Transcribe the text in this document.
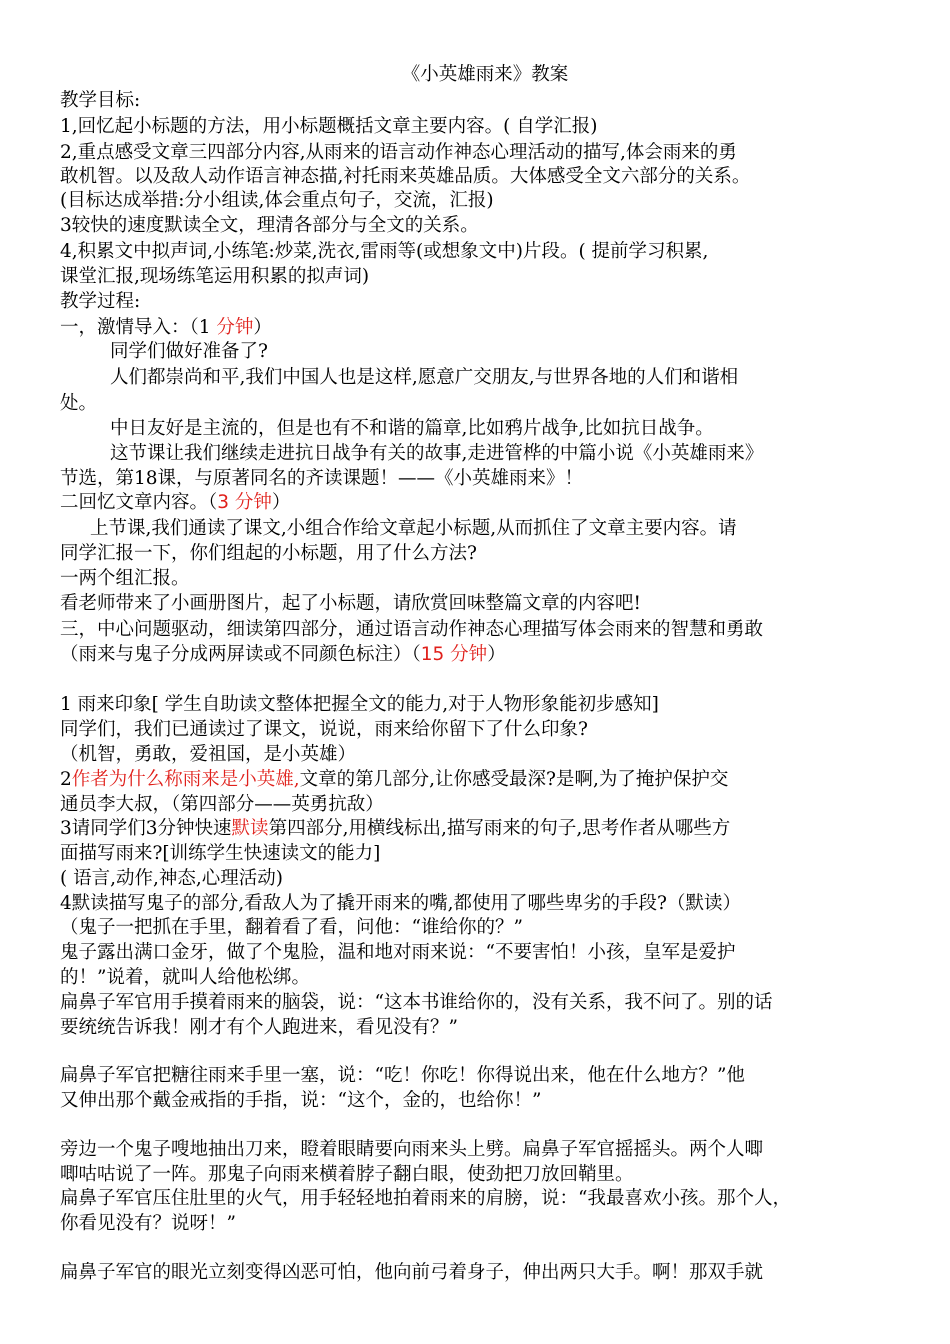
《小英雄雨来》教案
教学目标:
1,回忆起小标题的方法，用小标题概括文章主要内容。( 自学汇报)
2,重点感受文章三四部分内容,从雨来的语言动作神态心理活动的描写,体会雨来的勇
敢机智。以及敌人动作语言神态描,衬托雨来英雄品质。大体感受全文六部分的关系。
(目标达成举措:分小组读,体会重点句子，交流，汇报)
3较快的速度默读全文，理清各部分与全文的关系。
4,积累文中拟声词,小练笔:炒菜,洗衣,雷雨等(或想象文中)片段。( 提前学习积累,
课堂汇报,现场练笔运用积累的拟声词)
教学过程:
一，激情导入：（1 分钟）
同学们做好准备了?
人们都崇尚和平,我们中国人也是这样,愿意广交朋友,与世界各地的人们和谐相
处。
中日友好是主流的，但是也有不和谐的篇章,比如鸦片战争,比如抗日战争。
这节课让我们继续走进抗日战争有关的故事,走进管桦的中篇小说《小英雄雨来》
节选，第18课，与原著同名的齐读课题！——《小英雄雨来》！
二回忆文章内容。（3 分钟）
上节课,我们通读了课文,小组合作给文章起小标题,从而抓住了文章主要内容。请
同学汇报一下，你们组起的小标题，用了什么方法?
一两个组汇报。
看老师带来了小画册图片，起了小标题，请欣赏回味整篇文章的内容吧!
三，中心问题驱动，细读第四部分，通过语言动作神态心理描写体会雨来的智慧和勇敢
（雨来与鬼子分成两屏读或不同颜色标注）（15 分钟）
1 雨来印象[ 学生自助读文整体把握全文的能力,对于人物形象能初步感知]
同学们，我们已通读过了课文，说说，雨来给你留下了什么印象?
（机智，勇敢，爱祖国，是小英雄）
2作者为什么称雨来是小英雄,文章的第几部分,让你感受最深?是啊,为了掩护保护交
通员李大叔，（第四部分——英勇抗敌）
3请同学们3分钟快速默读第四部分,用横线标出,描写雨来的句子,思考作者从哪些方
面描写雨来?[训练学生快速读文的能力]
( 语言,动作,神态,心理活动)
4默读描写鬼子的部分,看敌人为了撬开雨来的嘴,都使用了哪些卑劣的手段?（默读）
（鬼子一把抓在手里，翻着看了看，问他：“谁给你的？”
鬼子露出满口金牙，做了个鬼脸，温和地对雨来说：“不要害怕！小孩，皇军是爱护
的！”说着，就叫人给他松绑。
扁鼻子军官用手摸着雨来的脑袋，说：“这本书谁给你的，没有关系，我不问了。别的话
要统统告诉我！刚才有个人跑进来，看见没有？”
扁鼻子军官把糖往雨来手里一塞，说：“吃！你吃！你得说出来，他在什么地方？”他
又伸出那个戴金戒指的手指，说：“这个，金的，也给你！”
旁边一个鬼子嗖地抽出刀来，瞪着眼睛要向雨来头上劈。扁鼻子军官摇摇头。两个人唧
唧咕咕说了一阵。那鬼子向雨来横着脖子翻白眼，使劲把刀放回鞘里。
扁鼻子军官压住肚里的火气，用手轻轻地拍着雨来的肩膀，说：“我最喜欢小孩。那个人，
你看见没有？说呀！”
扁鼻子军官的眼光立刻变得凶恶可怕，他向前弓着身子，伸出两只大手。啊！那双手就
